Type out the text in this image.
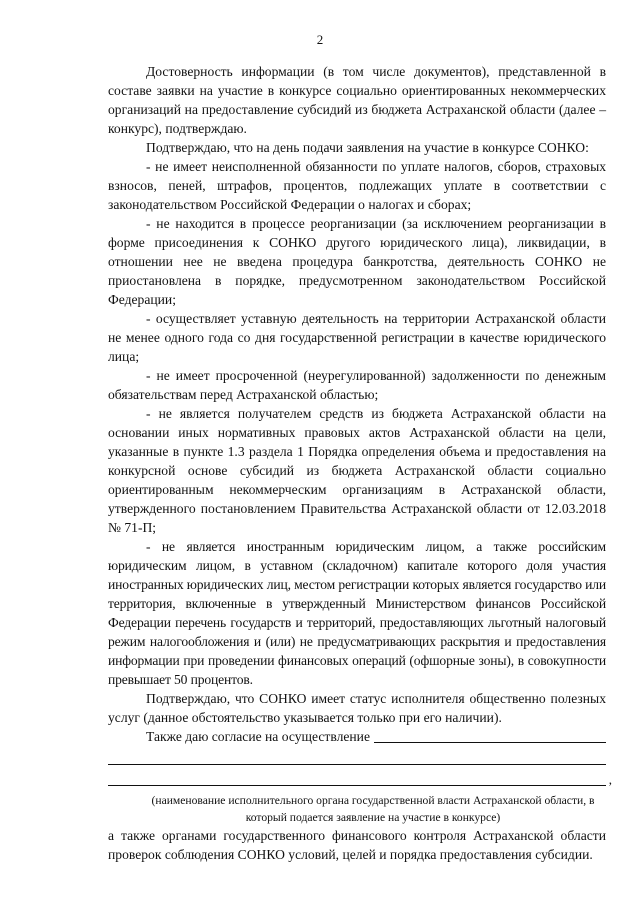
2

Достоверность информации (в том числе документов), представленной в составе заявки на участие в конкурсе социально ориентированных некоммерческих организаций на предоставление субсидий из бюджета Астраханской области (далее – конкурс), подтверждаю.

Подтверждаю, что на день подачи заявления на участие в конкурсе СОНКО:

- не имеет неисполненной обязанности по уплате налогов, сборов, страховых взносов, пеней, штрафов, процентов, подлежащих уплате в соответствии с законодательством Российской Федерации о налогах и сборах;

- не находится в процессе реорганизации (за исключением реорганизации в форме присоединения к СОНКО другого юридического лица), ликвидации, в отношении нее не введена процедура банкротства, деятельность СОНКО не приостановлена в порядке, предусмотренном законодательством Российской Федерации;

- осуществляет уставную деятельность на территории Астраханской области не менее одного года со дня государственной регистрации в качестве юридического лица;

- не имеет просроченной (неурегулированной) задолженности по денежным обязательствам перед Астраханской областью;

- не является получателем средств из бюджета Астраханской области на основании иных нормативных правовых актов Астраханской области на цели, указанные в пункте 1.3 раздела 1 Порядка определения объема и предоставления на конкурсной основе субсидий из бюджета Астраханской области социально ориентированным некоммерческим организациям в Астраханской области, утвержденного постановлением Правительства Астраханской области от 12.03.2018 № 71-П;

- не является иностранным юридическим лицом, а также российским юридическим лицом, в уставном (складочном) капитале которого доля участия иностранных юридических лиц, местом регистрации которых является государство или территория, включенные в утвержденный Министерством финансов Российской Федерации перечень государств и территорий, предоставляющих льготный налоговый режим налогообложения и (или) не предусматривающих раскрытия и предоставления информации при проведении финансовых операций (офшорные зоны), в совокупности превышает 50 процентов.

Подтверждаю, что СОНКО имеет статус исполнителя общественно полезных услуг (данное обстоятельство указывается только при его наличии).

Также даю согласие на осуществление
,
(наименование исполнительного органа государственной власти Астраханской области, в который подается заявление на участие в конкурсе)

а также органами государственного финансового контроля Астраханской области проверок соблюдения СОНКО условий, целей и порядка предоставления субсидии.
